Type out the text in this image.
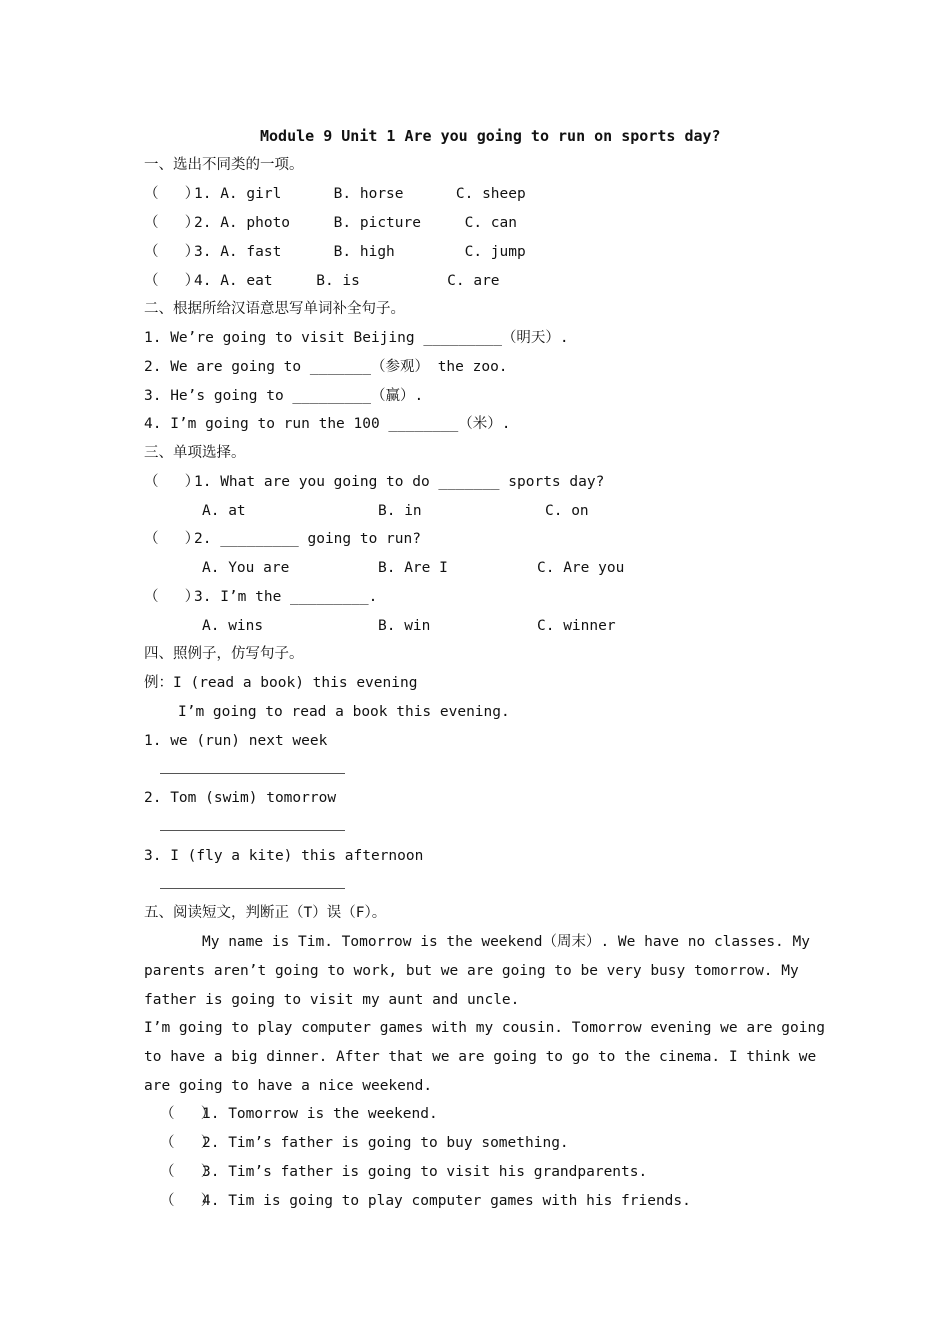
Module 9 Unit 1 Are you going to run on sports day?
一、选出不同类的一项。
（   ）
1. A. girl      B. horse      C. sheep
（   ）
2. A. photo     B. picture     C. can
（   ）
3. A. fast      B. high        C. jump
（   ）
4. A. eat     B. is          C. are
二、根据所给汉语意思写单词补全句子。
1. We’re going to visit Beijing _________（明天）.
2. We are going to _______（参观） the zoo.
3. He’s going to _________（赢）.
4. I’m going to run the 100 ________（米）.
三、单项选择。
（   ）
1. What are you going to do _______ sports day?
A. at	B. in	C. on
（   ）
2. _________ going to run?
A. You are	B. Are I	C. Are you
（   ）
3. I’m the _________.
A. wins	B. win	C. winner
四、照例子，仿写句子。
例：I (read a book) this evening
I’m going to read a book this evening.
1. we (run) next week
2. Tom (swim) tomorrow
3. I (fly a kite) this afternoon
五、阅读短文，判断正（T）误（F）。
My name is Tim. Tomorrow is the weekend（周末）. We have no classes. My
parents aren’t going to work, but we are going to be very busy tomorrow. My
father is going to visit my aunt and uncle.
I’m going to play computer games with my cousin. Tomorrow evening we are going
to have a big dinner. After that we are going to go to the cinema. I think we
are going to have a nice weekend.
（   ）
1. Tomorrow is the weekend.
（   ）
2. Tim’s father is going to buy something.
（   ）
3. Tim’s father is going to visit his grandparents.
（   ）
4. Tim is going to play computer games with his friends.
